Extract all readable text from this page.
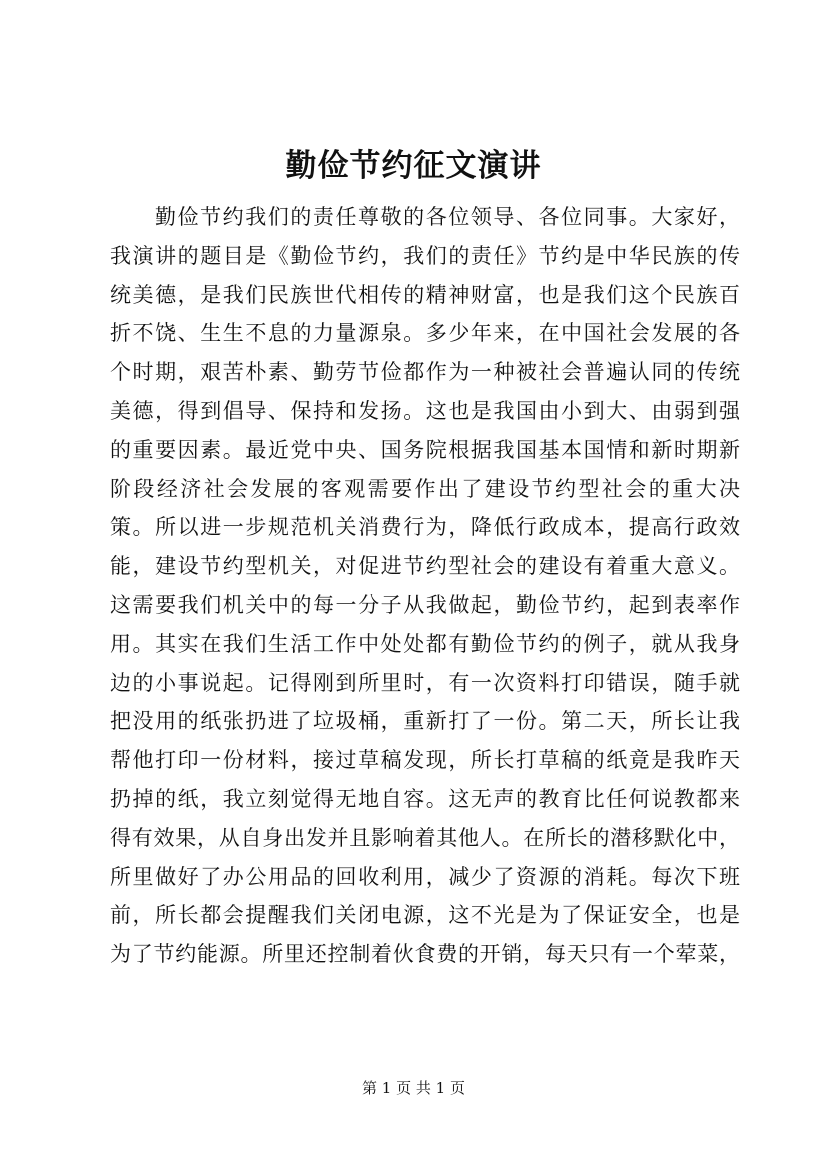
勤俭节约征文演讲
勤俭节约我们的责任尊敬的各位领导、各位同事。大家好，
我演讲的题目是《勤俭节约，我们的责任》节约是中华民族的传
统美德，是我们民族世代相传的精神财富，也是我们这个民族百
折不饶、生生不息的力量源泉。多少年来，在中国社会发展的各
个时期，艰苦朴素、勤劳节俭都作为一种被社会普遍认同的传统
美德，得到倡导、保持和发扬。这也是我国由小到大、由弱到强
的重要因素。最近党中央、国务院根据我国基本国情和新时期新
阶段经济社会发展的客观需要作出了建设节约型社会的重大决
策。所以进一步规范机关消费行为，降低行政成本，提高行政效
能，建设节约型机关，对促进节约型社会的建设有着重大意义。
这需要我们机关中的每一分子从我做起，勤俭节约，起到表率作
用。其实在我们生活工作中处处都有勤俭节约的例子，就从我身
边的小事说起。记得刚到所里时，有一次资料打印错误，随手就
把没用的纸张扔进了垃圾桶，重新打了一份。第二天，所长让我
帮他打印一份材料，接过草稿发现，所长打草稿的纸竟是我昨天
扔掉的纸，我立刻觉得无地自容。这无声的教育比任何说教都来
得有效果，从自身出发并且影响着其他人。在所长的潜移默化中，
所里做好了办公用品的回收利用，减少了资源的消耗。每次下班
前，所长都会提醒我们关闭电源，这不光是为了保证安全，也是
为了节约能源。所里还控制着伙食费的开销，每天只有一个荤菜，
第 1 页 共 1 页
